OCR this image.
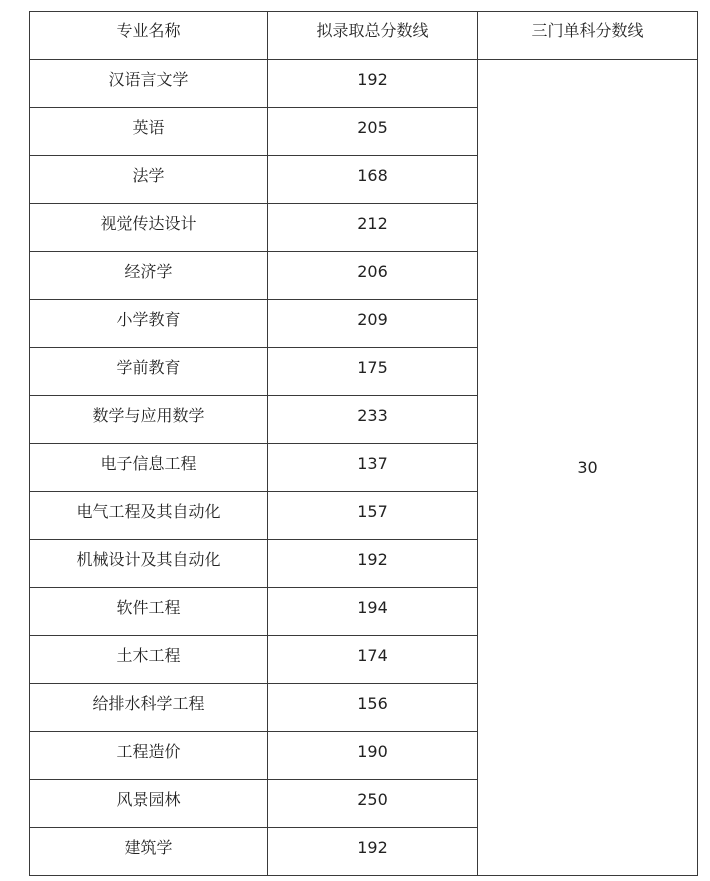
专业名称	拟录取总分数线	三门单科分数线
汉语言文学	192	30
英语	205	
法学	168	
视觉传达设计	212	
经济学	206	
小学教育	209	
学前教育	175	
数学与应用数学	233	
电子信息工程	137	
电气工程及其自动化	157	
机械设计及其自动化	192	
软件工程	194	
土木工程	174	
给排水科学工程	156	
工程造价	190	
风景园林	250	
建筑学	192	
